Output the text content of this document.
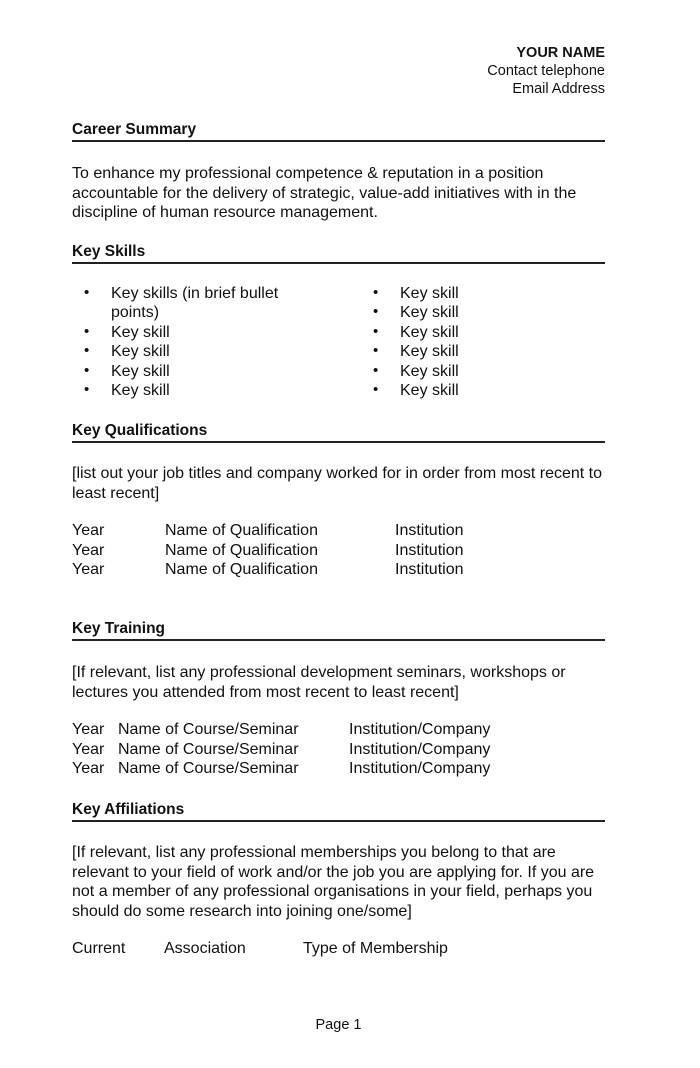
YOUR NAME
Contact telephone
Email Address
Career Summary
To enhance my professional competence & reputation in a position accountable for the delivery of strategic, value-add initiatives with in the discipline of human resource management.
Key Skills
• Key skills (in brief bullet points)
• Key skill
• Key skill
• Key skill
• Key skill
• Key skill
• Key skill
• Key skill
• Key skill
• Key skill
• Key skill
Key Qualifications
[list out your job titles and company worked for in order from most recent to least recent]
Year	Name of Qualification	Institution
Year	Name of Qualification	Institution
Year	Name of Qualification	Institution
Key Training
[If relevant, list any professional development seminars, workshops or lectures you attended from most recent to least recent]
Year Name of Course/Seminar	Institution/Company
Year Name of Course/Seminar	Institution/Company
Year Name of Course/Seminar	Institution/Company
Key Affiliations
[If relevant, list any professional memberships you belong to that are relevant to your field of work and/or the job you are applying for. If you are not a member of any professional organisations in your field, perhaps you should do some research into joining one/some]
Current Association	Type of Membership
Page 1
